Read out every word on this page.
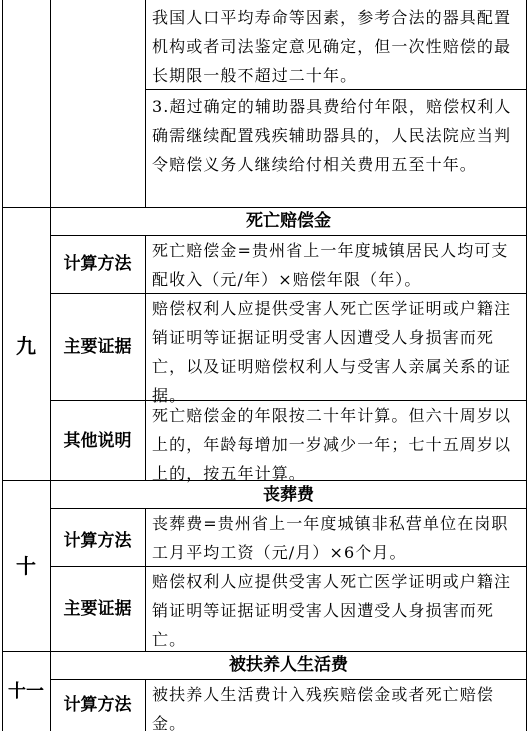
我国人口平均寿命等因素，参考合法的器具配置机构或者司法鉴定意见确定，但一次性赔偿的最长期限一般不超过二十年。
3.超过确定的辅助器具费给付年限，赔偿权利人确需继续配置残疾辅助器具的，人民法院应当判令赔偿义务人继续给付相关费用五至十年。
九
死亡赔偿金
计算方法
死亡赔偿金=贵州省上一年度城镇居民人均可支配收入（元/年）×赔偿年限（年）。
主要证据
赔偿权利人应提供受害人死亡医学证明或户籍注销证明等证据证明受害人因遭受人身损害而死亡，以及证明赔偿权利人与受害人亲属关系的证据。
其他说明
死亡赔偿金的年限按二十年计算。但六十周岁以上的，年龄每增加一岁减少一年；七十五周岁以上的，按五年计算。
十
丧葬费
计算方法
丧葬费=贵州省上一年度城镇非私营单位在岗职工月平均工资（元/月）×6个月。
主要证据
赔偿权利人应提供受害人死亡医学证明或户籍注销证明等证据证明受害人因遭受人身损害而死亡。
十一
被扶养人生活费
计算方法
被扶养人生活费计入残疾赔偿金或者死亡赔偿金。
